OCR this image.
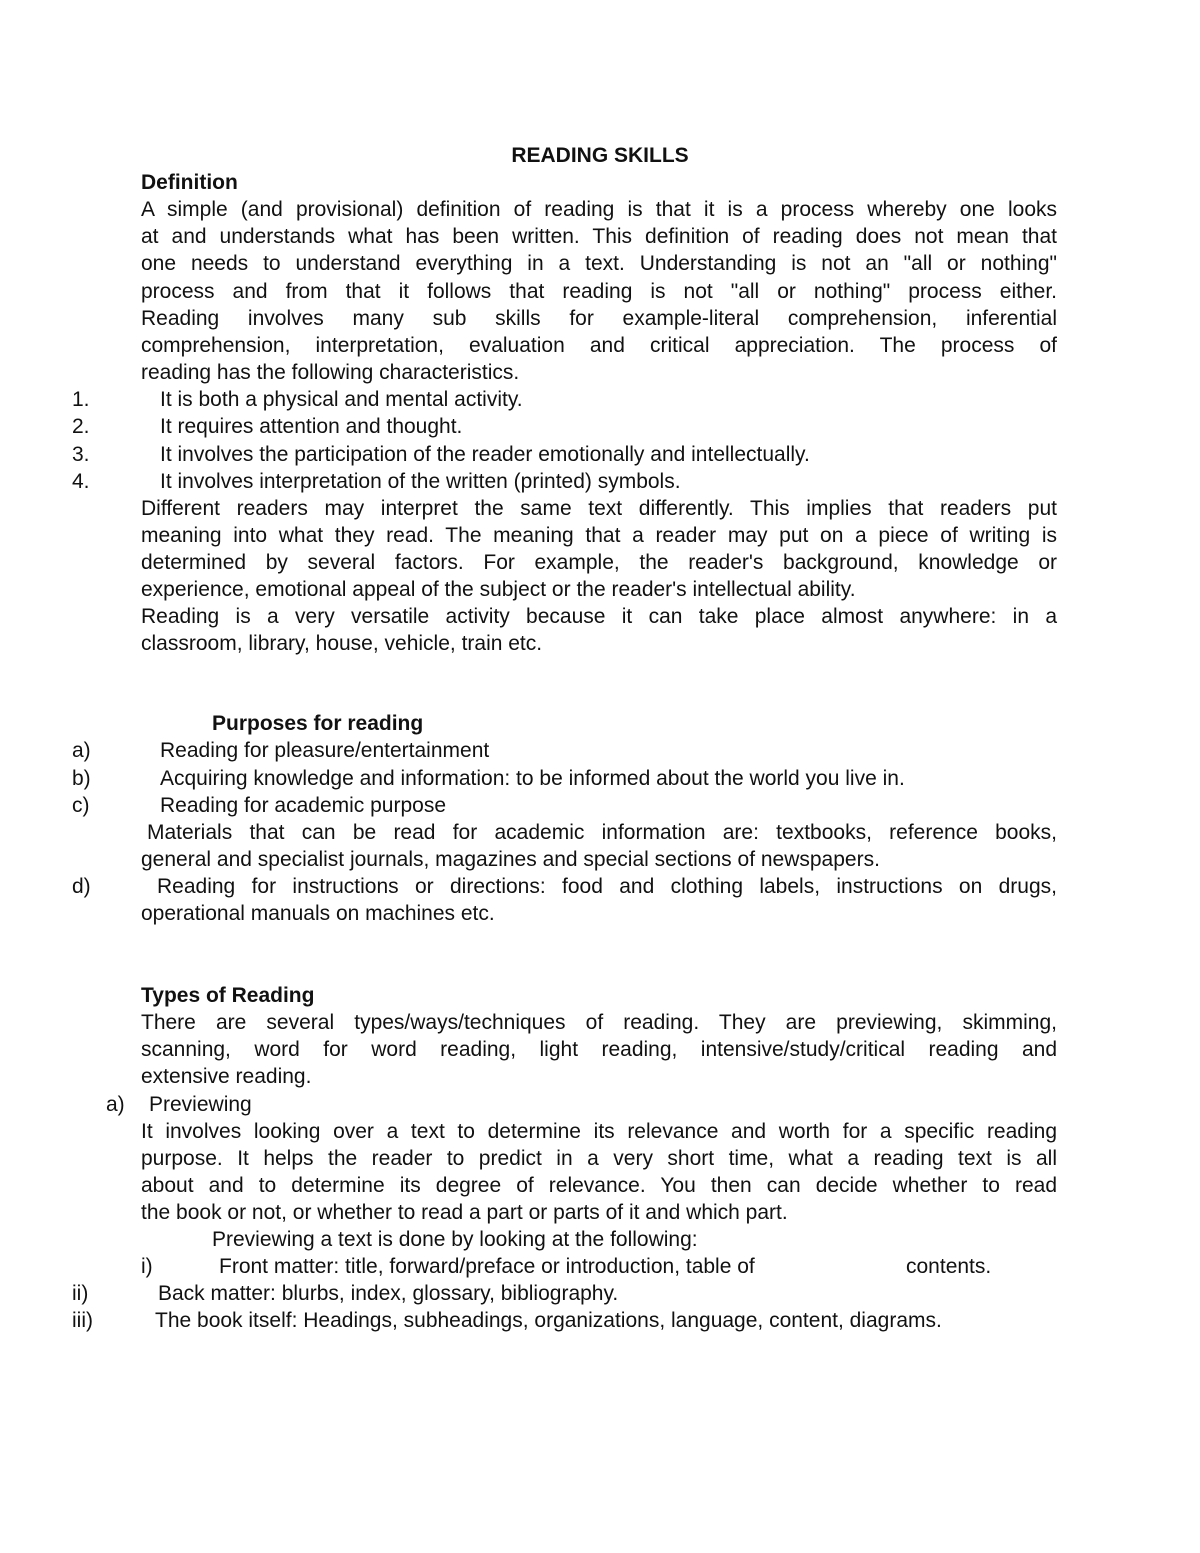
READING SKILLS
Definition
A simple (and provisional) definition of reading is that it is a process whereby one looks
at and understands what has been written. This definition of reading does not mean that
one needs to understand everything in a text. Understanding is not an "all or nothing"
process and from that it follows that reading is not "all or nothing" process either.
Reading involves many sub skills for example-literal comprehension, inferential
comprehension, interpretation, evaluation and critical appreciation. The process of
reading has the following characteristics.
1.	It is both a physical and mental activity.
2.	It requires attention and thought.
3.	It involves the participation of the reader emotionally and intellectually.
4.	It involves interpretation of the written (printed) symbols.
Different readers may interpret the same text differently. This implies that readers put
meaning into what they read. The meaning that a reader may put on a piece of writing is
determined by several factors. For example, the reader's background, knowledge or
experience, emotional appeal of the subject or the reader's intellectual ability.
Reading is a very versatile activity because it can take place almost anywhere: in a
classroom, library, house, vehicle, train etc.
Purposes for reading
a)	Reading for pleasure/entertainment
b)	Acquiring knowledge and information: to be informed about the world you live in.
c)	Reading for academic purpose
Materials that can be read for academic information are: textbooks, reference books,
general and specialist journals, magazines and special sections of newspapers.
d)	Reading for instructions or directions: food and clothing labels, instructions on drugs,
operational manuals on machines etc.
Types of Reading
There are several types/ways/techniques of reading. They are previewing, skimming,
scanning, word for word reading, light reading, intensive/study/critical reading and
extensive reading.
a) Previewing
It involves looking over a text to determine its relevance and worth for a specific reading
purpose. It helps the reader to predict in a very short time, what a reading text is all
about and to determine its degree of relevance. You then can decide whether to read
the book or not, or whether to read a part or parts of it and which part.
Previewing a text is done by looking at the following:
i)	Front matter: title, forward/preface or introduction, table of	contents.
ii)	Back matter: blurbs, index, glossary, bibliography.
iii)	The book itself: Headings, subheadings, organizations, language, content, diagrams.
